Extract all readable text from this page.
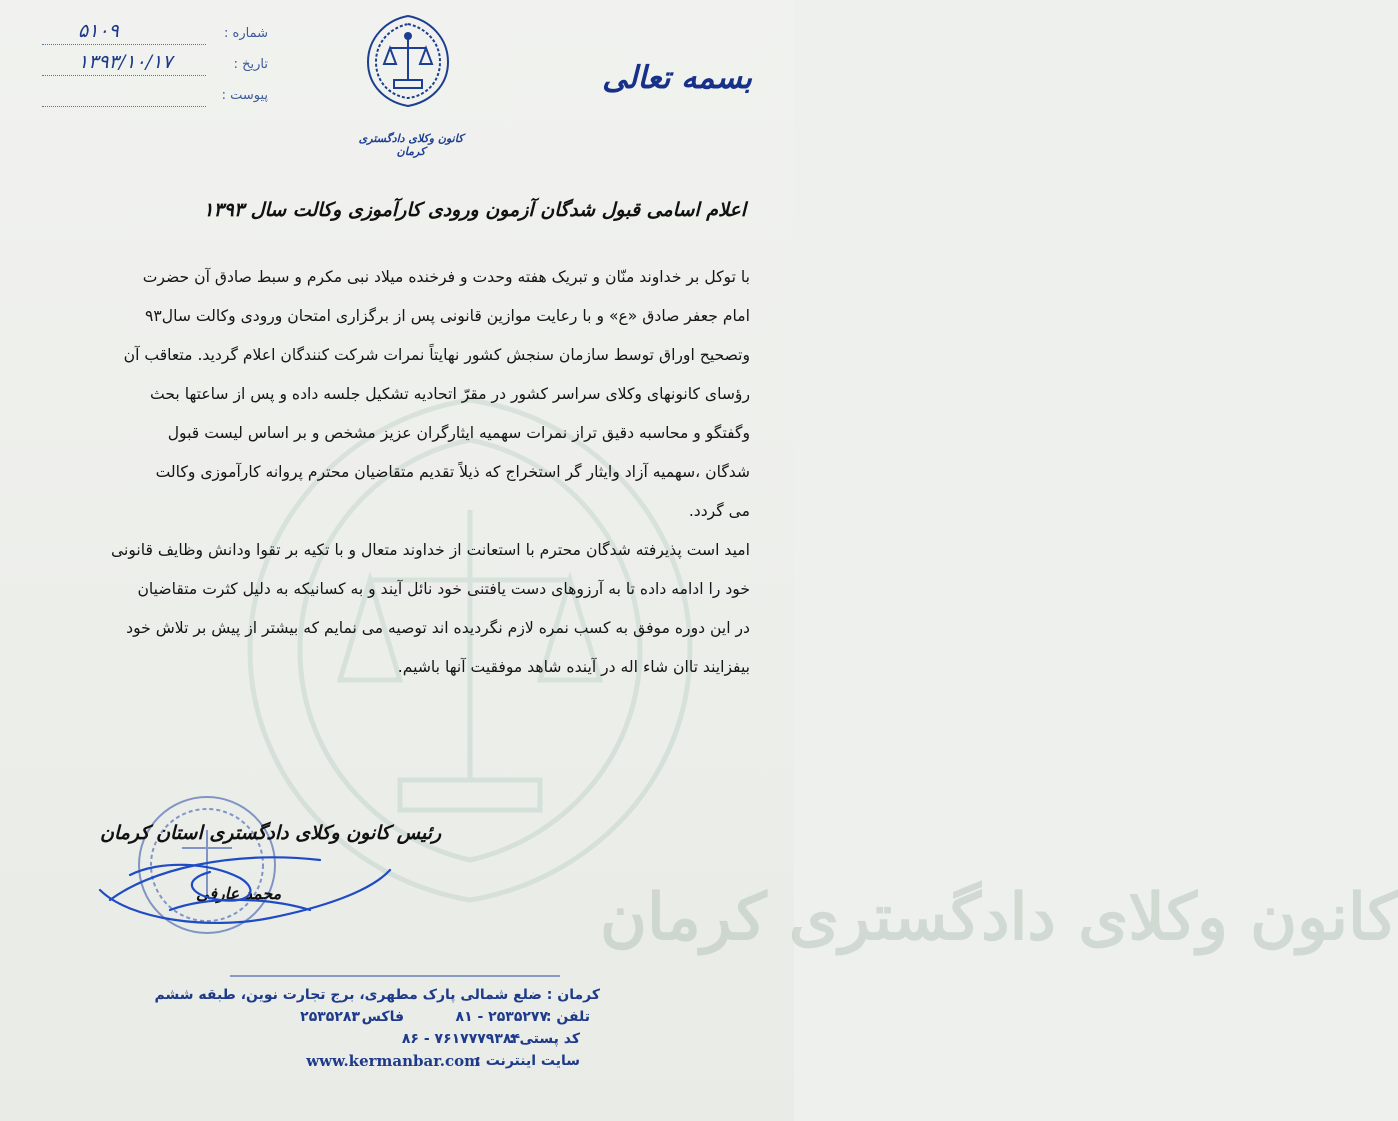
کانون وکلای دادگستری کرمان
شماره :
۵۱۰۹
تاریخ :
۱۳۹۳/۱۰/۱۷
پیوست :
کانون وکلای دادگستری کرمان
بسمه تعالی
اعلام اسامی قبول شدگان آزمون ورودی کارآموزی وکالت سال ۱۳۹۳
با توکل بر خداوند منّان و تبریک هفته وحدت و فرخنده میلاد نبی مکرم و سبط صادق آن حضرت
امام جعفر صادق «ع» و با رعایت موازین قانونی پس از برگزاری امتحان ورودی وکالت سال۹۳
وتصحیح اوراق توسط سازمان سنجش کشور نهایتاً نمرات شرکت کنندگان اعلام گردید. متعاقب آن
رؤسای کانونهای وکلای سراسر کشور در مقرّ اتحادیه تشکیل جلسه داده و پس از ساعتها بحث
وگفتگو و محاسبه دقیق تراز نمرات سهمیه ایثارگران عزیز مشخص و بر اساس لیست قبول
شدگان ،سهمیه آزاد وایثار گر استخراج که ذیلاً تقدیم متقاضیان محترم پروانه کارآموزی وکالت
می گردد.
امید است پذیرفته شدگان محترم با استعانت از خداوند متعال و با تکیه بر تقوا ودانش وظایف قانونی
خود را ادامه داده تا به آرزوهای دست یافتنی خود نائل آیند و به کسانیکه به دلیل کثرت متقاضیان
در این دوره موفق به کسب نمره لازم نگردیده اند توصیه می نمایم که بیشتر از پیش بر تلاش خود
بیفزایند تاان شاء اله در آینده شاهد موفقیت آنها باشیم.
رئیس کانون وکلای دادگستری استان کرمان
محمد عارفی
کرمان : ضلع شمالی پارک مطهری، برج تجارت نوین، طبقه ششم
تلفن :
۸۱ - ۲۵۳۵۲۷۷
فاکس :
۲۵۳۵۲۸۳
کد پستی :
۸۶ - ۷۶۱۷۷۷۹۳۸۴
سایت اینترنت :
www.kermanbar.com
